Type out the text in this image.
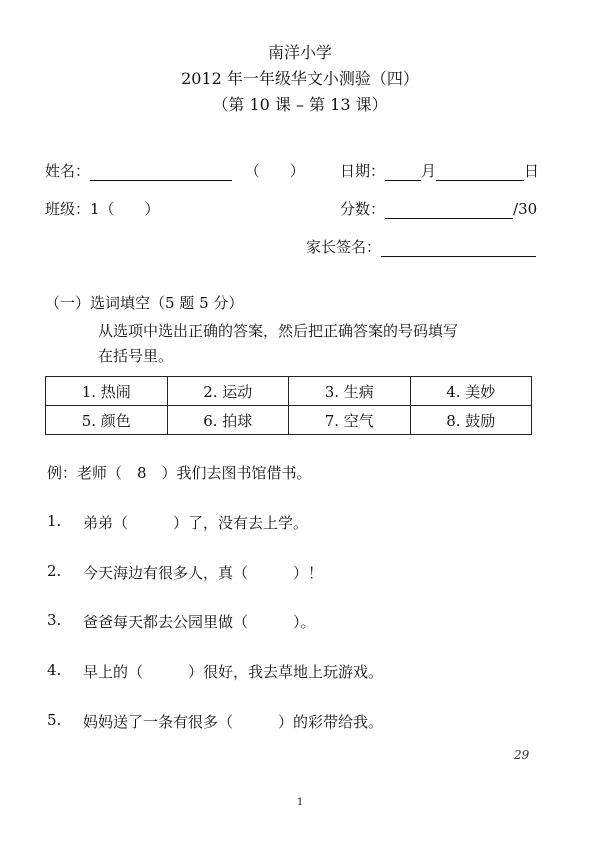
南洋小学
2012 年一年级华文小测验（四）
（第 10 课 – 第 13 课）
姓名：	（　　） 日期： 月	日
班级：1（　　）	分数：	/30
家长签名：
（一）选词填空（5 题 5 分）
从选项中选出正确的答案，然后把正确答案的号码填写
在括号里。
1. 热闹	2. 运动	3. 生病	4. 美妙
5. 颜色	6. 拍球	7. 空气	8. 鼓励
例：老师（　8　）我们去图书馆借书。
1. 弟弟（　　　）了，没有去上学。
2. 今天海边有很多人，真（　　　）！
3. 爸爸每天都去公园里做（　　　）。
4. 早上的（　　　）很好，我去草地上玩游戏。
5. 妈妈送了一条有很多（　　　）的彩带给我。
29
1
